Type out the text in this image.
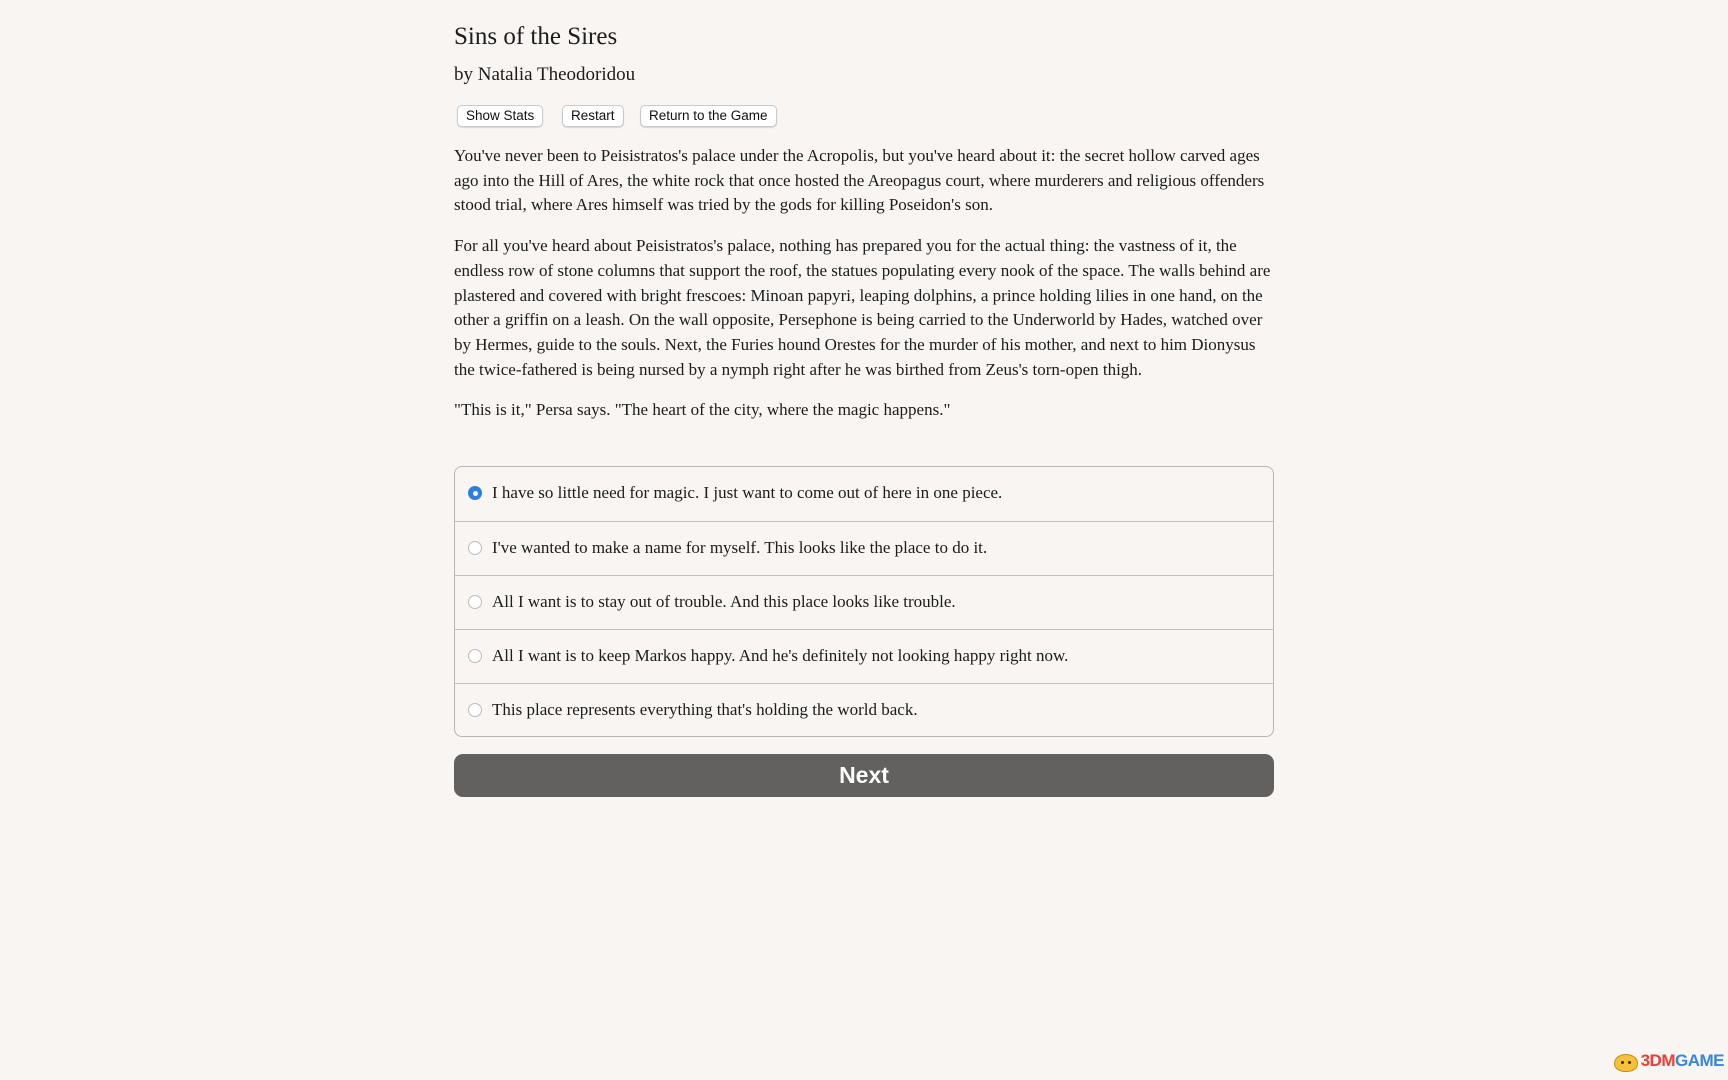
Sins of the Sires
by Natalia Theodoridou
Show Stats	Restart	Return to the Game

You've never been to Peisistratos's palace under the Acropolis, but you've heard about it: the secret hollow carved ages ago into the Hill of Ares, the white rock that once hosted the Areopagus court, where murderers and religious offenders stood trial, where Ares himself was tried by the gods for killing Poseidon's son.

For all you've heard about Peisistratos's palace, nothing has prepared you for the actual thing: the vastness of it, the endless row of stone columns that support the roof, the statues populating every nook of the space. The walls behind are plastered and covered with bright frescoes: Minoan papyri, leaping dolphins, a prince holding lilies in one hand, on the other a griffin on a leash. On the wall opposite, Persephone is being carried to the Underworld by Hades, watched over by Hermes, guide to the souls. Next, the Furies hound Orestes for the murder of his mother, and next to him Dionysus the twice-fathered is being nursed by a nymph right after he was birthed from Zeus's torn-open thigh.

"This is it," Persa says. "The heart of the city, where the magic happens."

I have so little need for magic. I just want to come out of here in one piece.
I've wanted to make a name for myself. This looks like the place to do it.
All I want is to stay out of trouble. And this place looks like trouble.
All I want is to keep Markos happy. And he's definitely not looking happy right now.
This place represents everything that's holding the world back.
Next
3DMGAME
